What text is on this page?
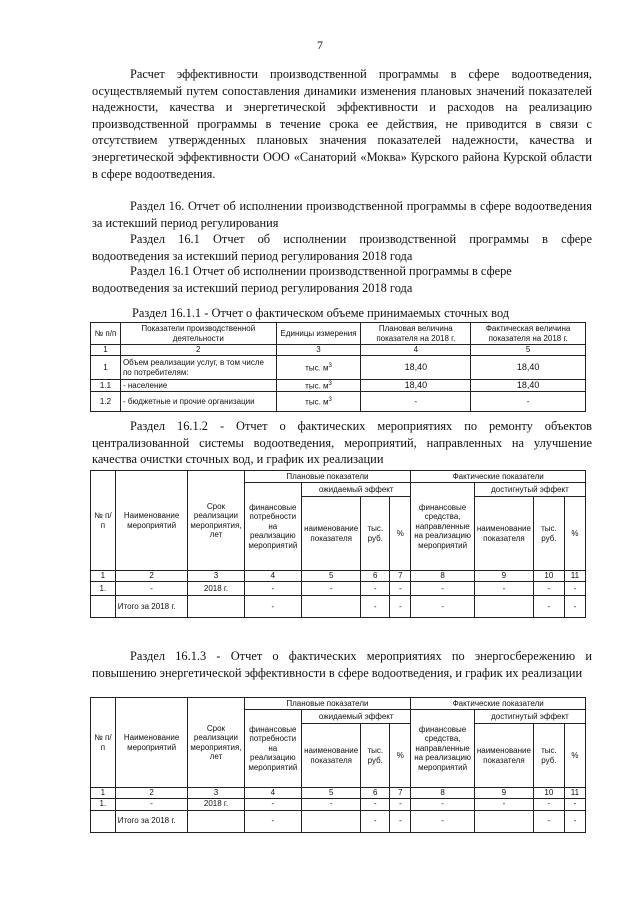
7

Расчет эффективности производственной программы в сфере водоотведения, осуществляемый путем сопоставления динамики изменения плановых значений показателей надежности, качества и энергетической эффективности и расходов на реализацию производственной программы в течение срока ее действия, не приводится в связи с отсутствием утвержденных плановых значения показателей надежности, качества и энергетической эффективности ООО «Санаторий «Моква» Курского района Курской области в сфере водоотведения.

Раздел 16. Отчет об исполнении производственной программы в сфере водоотведения за истекший период регулирования

Раздел 16.1 Отчет об исполнении производственной программы в сфере водоотведения за истекший период регулирования 2018 года

Раздел 16.1 Отчет об исполнении производственной программы в сфере водоотведения за истекший период регулирования 2018 года

Раздел 16.1.1 - Отчет о фактическом объеме принимаемых сточных вод
№ п/п	Показатели производственной деятельности	Единицы измерения	Плановая величина показателя на 2018 г.	Фактическая величина показателя на 2018 г.
1	2	3	4	5
1	Объем реализации услуг, в том числе по потребителям:	тыс. $м^3$	18,40	18,40
1.1	- население	тыс. $м^3$	18,40	18,40
1.2	- бюджетные и прочие организации	тыс. $м^3$	-	-

Раздел 16.1.2 - Отчет о фактических мероприятиях по ремонту объектов централизованной системы водоотведения, мероприятий, направленных на улучшение качества очистки сточных вод, и график их реализации

№ п/п	Наименование мероприятий	Срок реализации мероприятия, лет	Плановые показатели				Фактические показатели			
			финансовые потребности на реализацию мероприятий	ожидаемый эффект			финансовые средства, направленные на реализацию мероприятий	достигнутый эффект		
				наименование показателя	тыс. руб.	%		наименование показателя	тыс. руб.	%
1	2	3	4	5	6	7	8	9	10	11
1.	-	2018 г.	-	-	-	-	-	-	-	-
	Итого за 2018 г.		-		-	-	-		-	-

Раздел 16.1.3 - Отчет о фактических мероприятиях по энергосбережению и повышению энергетической эффективности в сфере водоотведения, и график их реализации

№ п/п	Наименование мероприятий	Срок реализации мероприятия, лет	Плановые показатели				Фактические показатели			
			финансовые потребности на реализацию мероприятий	ожидаемый эффект			финансовые средства, направленные на реализацию мероприятий	достигнутый эффект		
				наименование показателя	тыс. руб.	%		наименование показателя	тыс. руб.	%
1	2	3	4	5	6	7	8	9	10	11
1.	-	2018 г.	-	-	-	-	-	-	-	-
	Итого за 2018 г.		-		-	-	-		-	-
